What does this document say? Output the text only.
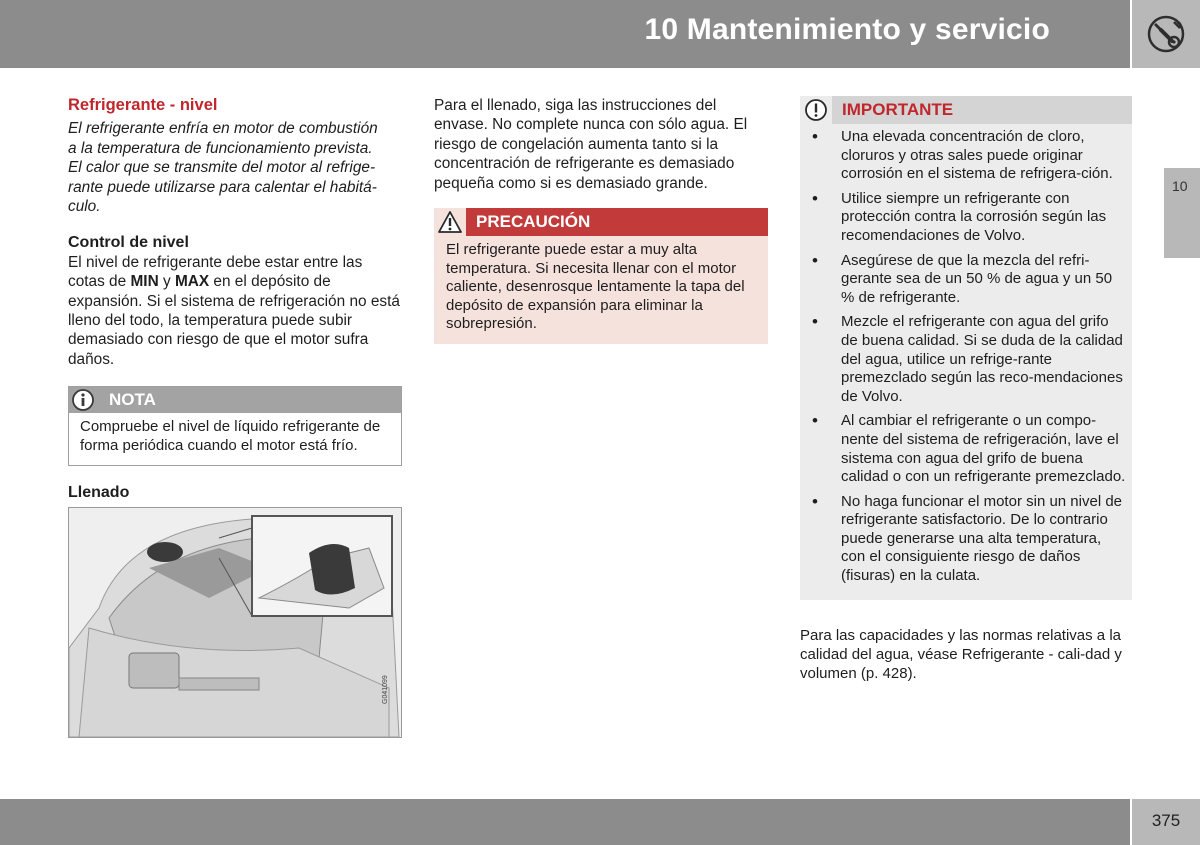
10 Mantenimiento y servicio
10
Refrigerante - nivel
El refrigerante enfría en motor de combustión
a la temperatura de funcionamiento prevista.
El calor que se transmite del motor al refrige-
rante puede utilizarse para calentar el habitá-
culo.
Control de nivel

El nivel de refrigerante debe estar entre las cotas de MIN y MAX en el depósito de expansión. Si el sistema de refrigeración no está lleno del todo, la temperatura puede subir demasiado con riesgo de que el motor sufra daños.

NOTA
Compruebe el nivel de líquido refrigerante de forma periódica cuando el motor está frío.
Llenado
G041099

Para el llenado, siga las instrucciones del envase. No complete nunca con sólo agua. El riesgo de congelación aumenta tanto si la concentración de refrigerante es demasiado pequeña como si es demasiado grande.

PRECAUCIÓN
El refrigerante puede estar a muy alta temperatura. Si necesita llenar con el motor caliente, desenrosque lentamente la tapa del depósito de expansión para eliminar la sobrepresión.
IMPORTANTE
• Una elevada concentración de cloro, cloruros y otras sales puede originar corrosión en el sistema de refrigera-ción.
• Utilice siempre un refrigerante con protección contra la corrosión según las recomendaciones de Volvo.
• Asegúrese de que la mezcla del refri-gerante sea de un 50 % de agua y un 50 % de refrigerante.
• Mezcle el refrigerante con agua del grifo de buena calidad. Si se duda de la calidad del agua, utilice un refrige-rante premezclado según las reco-mendaciones de Volvo.
• Al cambiar el refrigerante o un compo-nente del sistema de refrigeración, lave el sistema con agua del grifo de buena calidad o con un refrigerante premezclado.
• No haga funcionar el motor sin un nivel de refrigerante satisfactorio. De lo contrario puede generarse una alta temperatura, con el consiguiente riesgo de daños (fisuras) en la culata.

Para las capacidades y las normas relativas a la calidad del agua, véase Refrigerante - cali-dad y volumen (p. 428).

375
